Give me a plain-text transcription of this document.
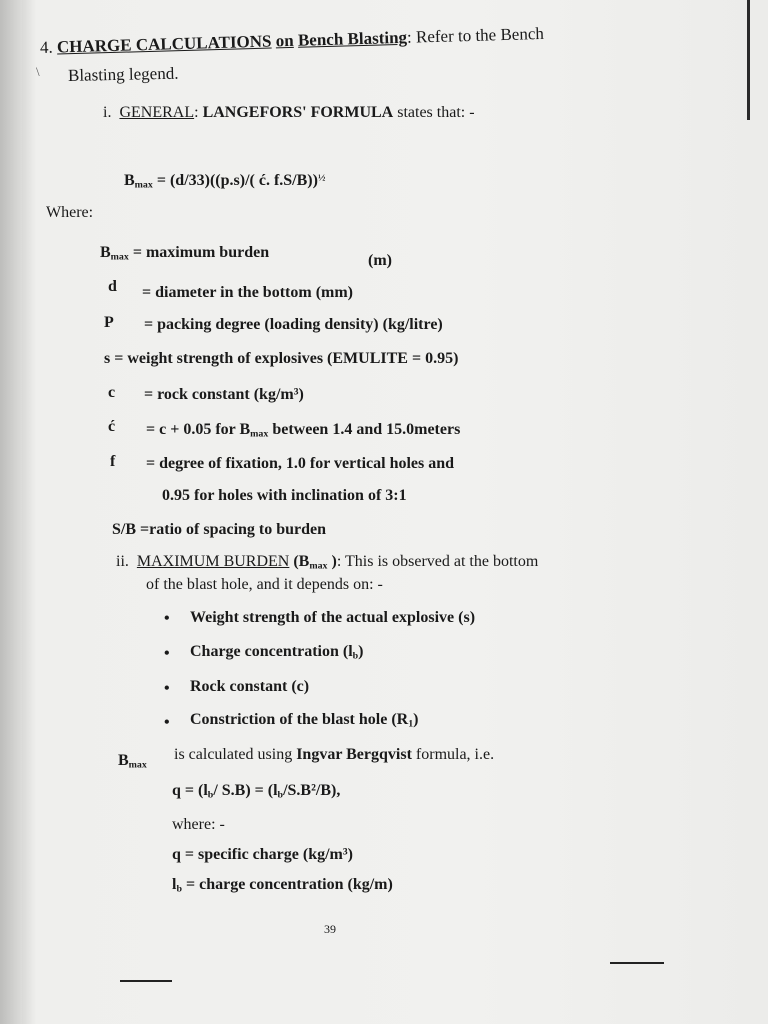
4. CHARGE CALCULATIONS on Bench Blasting: Refer to the Bench
\ Blasting legend.
i. GENERAL: LANGEFORS' FORMULA states that: -
$B_{max} = (d/33)((p.s)/$( ć. f.S/B))$^{\frac{1}{2}}$
Where:
$B_{max}$ = maximum burden	(m)
d = diameter in the bottom (mm)
P = packing degree (loading density) (kg/litre)
s = weight strength of explosives (EMULITE = 0.95)
c = rock constant (kg/m³)
ć = c + 0.05 for $B_{max}$ between 1.4 and 15.0meters
f = degree of fixation, 1.0 for vertical holes and
0.95 for holes with inclination of 3:1
S/B =ratio of spacing to burden
ii. MAXIMUM BURDEN ($B_{max}$ ): This is observed at the bottom
of the blast hole, and it depends on: -
• Weight strength of the actual explosive (s)
• Charge concentration $(l_b)$
• Rock constant (c)
• Constriction of the blast hole $(R_1)$
$B_{max}$
is calculated using Ingvar Bergqvist formula, i.e.
$q = (l_b/$ $S.B) = (l_b/S.B^2/B)$,
where: -
q = specific charge (kg/m³)
$l_b$ = charge concentration (kg/m)
39
